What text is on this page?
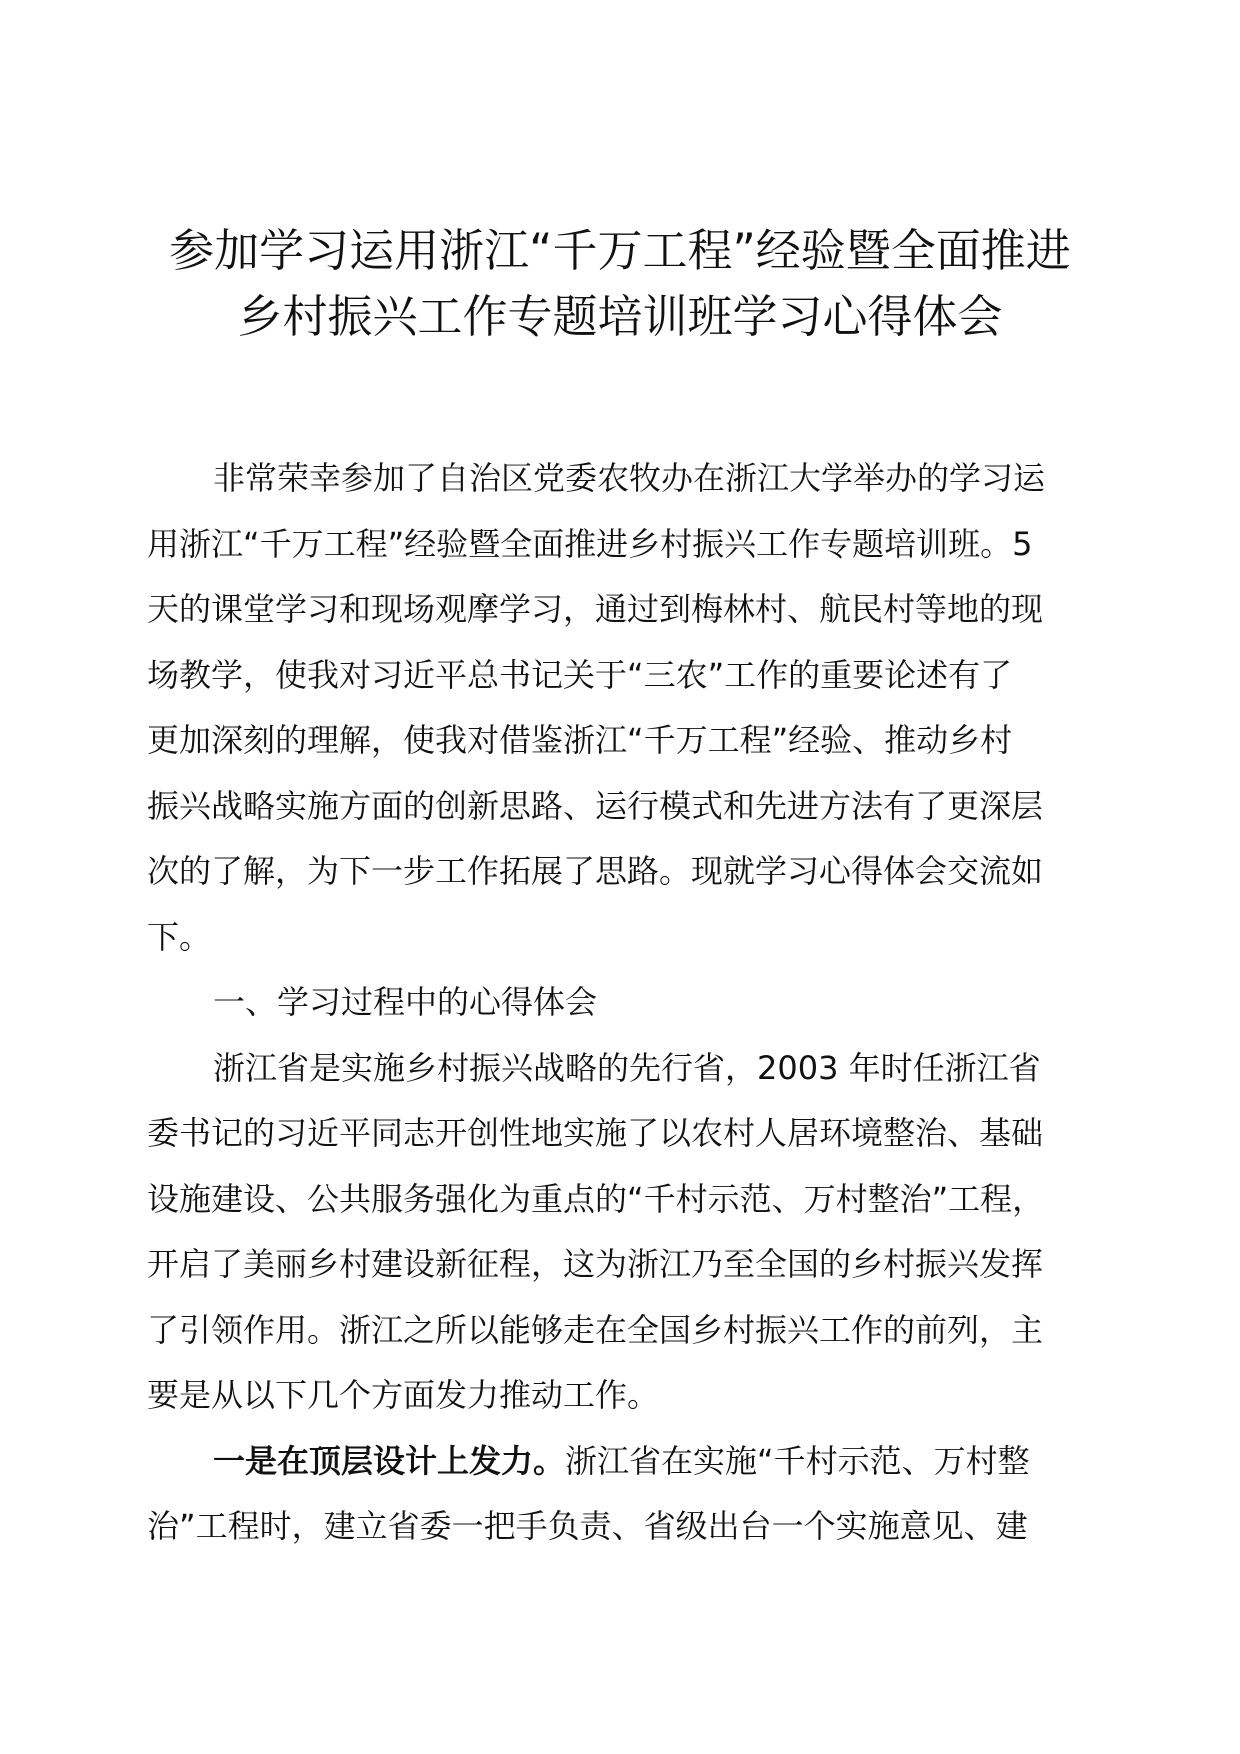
参加学习运用浙江“千万工程”经验暨全面推进
乡村振兴工作专题培训班学习心得体会
非常荣幸参加了自治区党委农牧办在浙江大学举办的学习运
用浙江“千万工程”经验暨全面推进乡村振兴工作专题培训班。5
天的课堂学习和现场观摩学习，通过到梅林村、航民村等地的现
场教学，使我对习近平总书记关于“三农”工作的重要论述有了
更加深刻的理解，使我对借鉴浙江“千万工程”经验、推动乡村
振兴战略实施方面的创新思路、运行模式和先进方法有了更深层
次的了解，为下一步工作拓展了思路。现就学习心得体会交流如
下。
一、学习过程中的心得体会
浙江省是实施乡村振兴战略的先行省，2003 年时任浙江省
委书记的习近平同志开创性地实施了以农村人居环境整治、基础
设施建设、公共服务强化为重点的“千村示范、万村整治”工程，
开启了美丽乡村建设新征程，这为浙江乃至全国的乡村振兴发挥
了引领作用。浙江之所以能够走在全国乡村振兴工作的前列，主
要是从以下几个方面发力推动工作。
一是在顶层设计上发力。浙江省在实施“千村示范、万村整
治”工程时，建立省委一把手负责、省级出台一个实施意见、建
